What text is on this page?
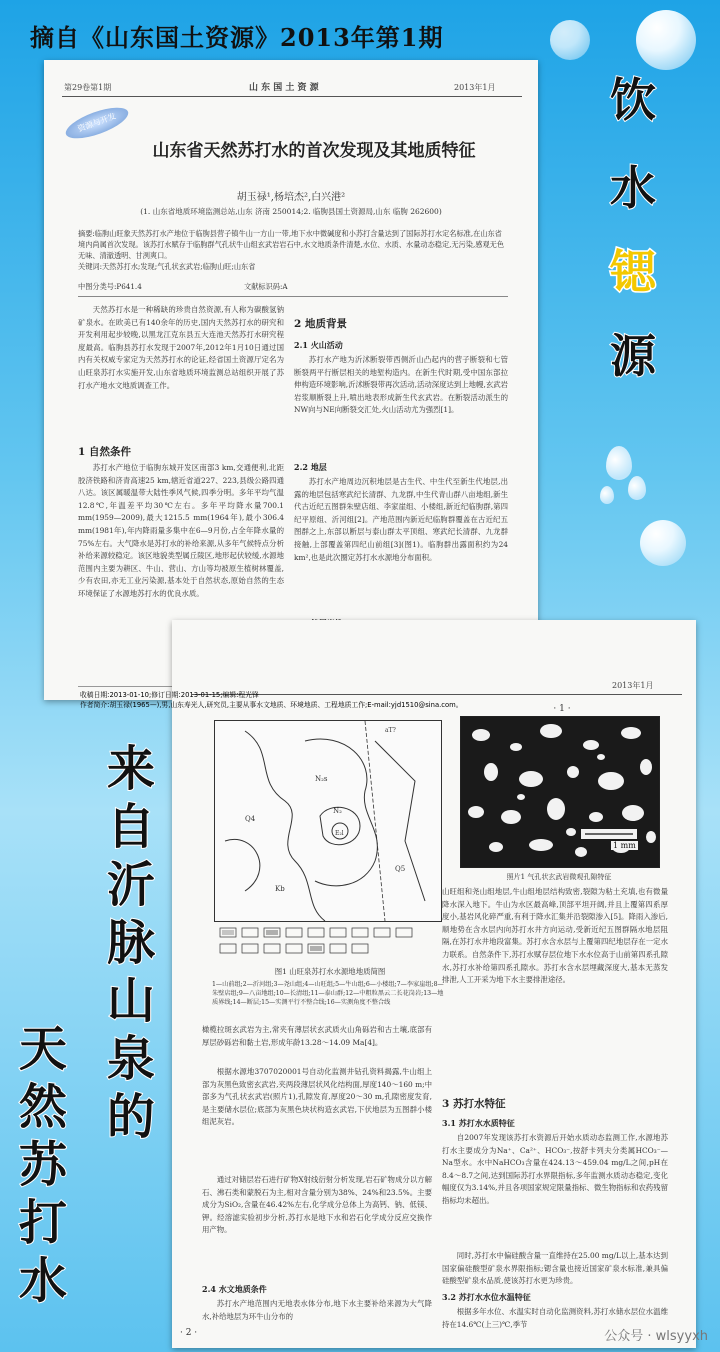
摘自《山东国土资源》2013年第1期
第29卷第1期	山 东 国 土 资 源	2013年1月
资源与开发
山东省天然苏打水的首次发现及其地质特征
胡玉禄¹,杨培杰²,白兴港²
(1. 山东省地质环境监测总站,山东 济南 250014;2. 临朐县国土资源局,山东 临朐 262600)
摘要:临朐山旺象天然苏打水产地位于临朐县营子镇牛山一方山一带,地下水中微碱度和小苏打含量达到了国际苏打水定名标准,在山东省境内尚属首次发现。该苏打水赋存于临朐群气孔状牛山组玄武岩岩石中,水文地质条件清楚,水位、水质、水量动态稳定,无污染,感观无色无味、清澈透明、甘洌爽口。
关键词:天然苏打水;发现;气孔状玄武岩;临朐山旺;山东省
中图分类号:P641.4	文献标识码:A
天然苏打水是一种稀缺的珍贵自然资源,有人称为碳酸氢钠矿泉水。在欧美已有140余年的历史,国内天然苏打水的研究和开发利用起步较晚,以黑龙江克东县五大连池天然苏打水研究程度最高。临朐县苏打水发现于2007年,2012年1月10日通过国内有关权威专家定为天然苏打水的论证,经省国土资源厅定名为山旺泉苏打水实施开发,山东省地质环境监测总站组织开展了苏打水产地水文地质调查工作。
1 自然条件
苏打水产地位于临朐东城开发区南部3 km,交通便利,北距胶济铁路和济青高速25 km,辖近省道227、223,县级公路四通八达。该区属暖温带大陆性季风气候,四季分明。多年平均气温12.8℃,年温差平均30℃左右。多年平均降水量700.1 mm(1959—2009),最大1215.5 mm(1964年),最小306.4 mm(1981年),年内降雨量多集中在6—9月份,占全年降水量的75%左右。大气降水是苏打水的补给来源,从多年气候特点分析补给来源较稳定。该区地貌类型属丘陵区,地形起伏较缓,水源地范围内主要为耕区、牛山、营山、方山等均被原生植树林覆盖,少有农田,亦无工业污染源,基本处于自然状态,原始自然的生态环境保证了水源地苏打水的优良水质。
2 地质背景
2.1 火山活动
苏打水产地为沂沭断裂带西侧沂山凸起内的营子断裂和七管断裂两平行断层相关的地堑构造内。在新生代时期,受中国东部拉伸构造环境影响,沂沭断裂带再次活动,活动深度达到上地幔,玄武岩岩浆顺断裂上升,喷出地表形成新生代玄武岩。在断裂活动派生的NW向与NE向断裂交汇处,火山活动尤为强烈[1]。
2.2 地层
苏打水产地周边沉积地层是古生代、中生代至新生代地层,出露的地层包括寒武纪长清群、九龙群,中生代青山群八亩地组,新生代古近纪五图群朱壁店组、李家崖组、小楼组,新近纪临朐群,第四纪平原组、沂河组[2]。产地范围内新近纪临朐群覆盖在古近纪五图群之上,东部以断层与泰山群太平顶组、寒武纪长清群、九龙群接触,上部覆盖第四纪山前组[3](图1)。临朐群出露面积约为24 km²,也是此次圈定苏打水水源地分布面积。
收稿日期:2013-01-10;修订日期:2013-01-15;编辑:程光锋
作者简介:胡玉禄(1965—),男,山东寿光人,研究员,主要从事水文地质、环境地质、工程地质工作;E-mail:yjd1510@sina.com。
2013年1月
N₂s
N₂
E₂l
Q4
Kb
Q5
aT?
图1 山旺泉苏打水水源地地质简图
1—山前组;2—沂河组;3—尧山组;4—山旺组;5—牛山组;6—小楼组;7—李家崖组;8—朱壁店组;9—八亩地组;10—长清组;11—泰山群;12—中粗粒黑云二长花岗岩;13—地质界线;14—断层;15—实测平行不整合线;16—实测角度不整合线
· 1 ·
1 mm
照片1 气孔状玄武岩微观孔隙特征
橄榄拉斑玄武岩为主,常夹有薄层状玄武质火山角砾岩和古土壤,底部有厚层砂砾岩和黏土岩,形成年龄13.28～14.09 Ma[4]。
根据水源地3707020001号自动化监测井钻孔资料揭露,牛山组上部为灰黑色致密玄武岩,夹两段薄层状风化结构面,厚度140～160 m;中部多为气孔状玄武岩(照片1),孔隙发育,厚度20～30 m,孔隙密度发育,是主要储水层位;底部为灰黑色块状构造玄武岩,下伏地层为五图群小楼组泥灰岩。
通过对储层岩石进行矿物X射线衍射分析发现,岩石矿物成分以方解石、沸石类和蒙脱石为主,相对含量分别为38%、24%和23.5%。主要成分为SiO₂,含量在46.42%左右,化学成分总体上为高钙、钠、低镁、钾。经溶滤实验初步分析,苏打水是地下水和岩石化学成分反应交换作用产物。
2.4 水文地质条件
苏打水产地范围内无地表水体分布,地下水主要补给来源为大气降水,补给地层为环牛山分布的
山旺组和尧山组地层,牛山组地层结构致密,裂隙为粘土充填,也有微量降水深入地下。牛山为水区最高峰,顶部平坦开阔,并且上覆第四系厚度小,基岩风化碎严重,有利于降水汇集并沿裂隙渗入[5]。降雨入渗后,顺地势在含水层内向苏打水井方向运动,受新近纪五图群隔水地层阻隔,在苏打水井地段富集。苏打水含水层与上覆第四纪地层存在一定水力联系。自然条件下,苏打水赋存层位地下水水位高于山前第四系孔隙水,苏打水补给第四系孔隙水。苏打水含水层埋藏深度大,基本无蒸发排泄,人工开采为地下水主要排泄途径。
3 苏打水特征
3.1 苏打水水质特征
自2007年发现该苏打水资源后开始水质动态监测工作,水源地苏打水主要成分为Na⁺、Ca²⁺、HCO₃⁻,按舒卡列夫分类属HCO₃⁻—Na型水。水中NaHCO₃含量在424.13～459.04 mg/L之间,pH在8.4～8.7之间,达到国际苏打水界限指标,多年监测水质动态稳定,变化幅度仅为3.14%,并且各项国家规定限量指标、微生物指标和农药残留指标均未超出。
同时,苏打水中偏硅酸含量一直维持在25.00 mg/L以上,基本达到国家偏硅酸型矿泉水界限指标;锶含量也接近国家矿泉水标准,兼具偏硅酸型矿泉水品质,使该苏打水更为珍贵。
3.2 苏打水水位水温特征
根据多年水位、水温实时自动化监测资料,苏打水储水层位水温维持在14.6℃(上三)℃,季节
· 2 ·
饮
水
锶
源
来
自
沂
脉
山
泉
的
天
然
苏
打
水
公众号 · wlsyyxh
